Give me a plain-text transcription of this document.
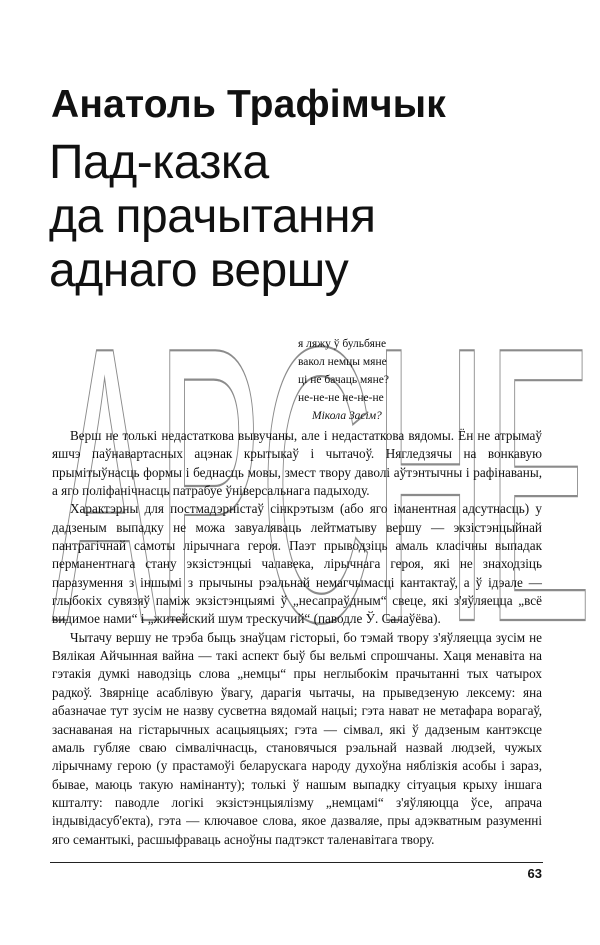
Анатоль Трафімчык
Пад-казка
да прачытання
аднаго вершу
АРСНЕ
я ляжу ў бульбяне
вакол немцы мяне
ці не бачаць мяне?
не-не-не не-не-не
Мікола Засім?

Верш не толькі недастаткова вывучаны, але і недастаткова вядомы. Ён не атрымаў яшчэ паўнавартасных ацэнак крытыкаў і чытачоў. Нягледзячы на вонкавую прымітыўнасць формы і беднасць мовы, змест твору даволі аўтэнтычны і рафінаваны, а яго поліфанічнасць патрабуе ўніверсальнага падыходу.

Характэрны для постмадэрністаў сінкрэтызм (або яго іманентная адсутнасць) у дадзеным выпадку не можа завуаляваць лейтматыву вершу — экзістэнцыйнай пантрагічнай самоты лірычнага героя. Паэт прыводзіць амаль класічны выпадак перманентнага стану экзістэнцыі чалавека, лірычнага героя, які не знаходзіць паразумення з іншымі з прычыны рэальнай немагчымасці кантактаў, а ў ідэале — глыбокіх сувязяў паміж экзістэнцыямі ў „несапраўдным“ свеце, які з'яўляецца „всё видимое нами“ і „житейский шум трескучий“ (паводле Ў. Салаўёва).

Чытачу вершу не трэба быць знаўцам гісторыі, бо тэмай твору з'яўляецца зусім не Вялікая Айчынная вайна — такі аспект быў бы вельмі спрошчаны. Хаця менавіта на гэтакія думкі наводзіць слова „немцы“ пры неглыбокім прачытанні тых чатырох радкоў. Звярніце асаблівую ўвагу, дарагія чытачы, на прыведзеную лексему: яна абазначае тут зусім не назву сусветна вядомай нацыі; гэта нават не метафара ворагаў, заснаваная на гістарычных асацыяцыях; гэта — сімвал, які ў дадзеным кантэксце амаль губляе сваю сімвалічнасць, становячыся рэальнай назвай людзей, чужых лірычнаму герою (у прастамоўі беларускага народу духоўна няблізкія асобы і зараз, бывае, маюць такую намінанту); толькі ў нашым выпадку сітуацыя крыху іншага кшталту: паводле логікі экзістэнцыялізму „немцамі“ з'яўляюцца ўсе, апрача індывідасуб'екта), гэта — ключавое слова, якое дазваляе, пры адэкватным разуменні яго семантыкі, расшыфраваць асноўны падтэкст таленавітага твору.

63
